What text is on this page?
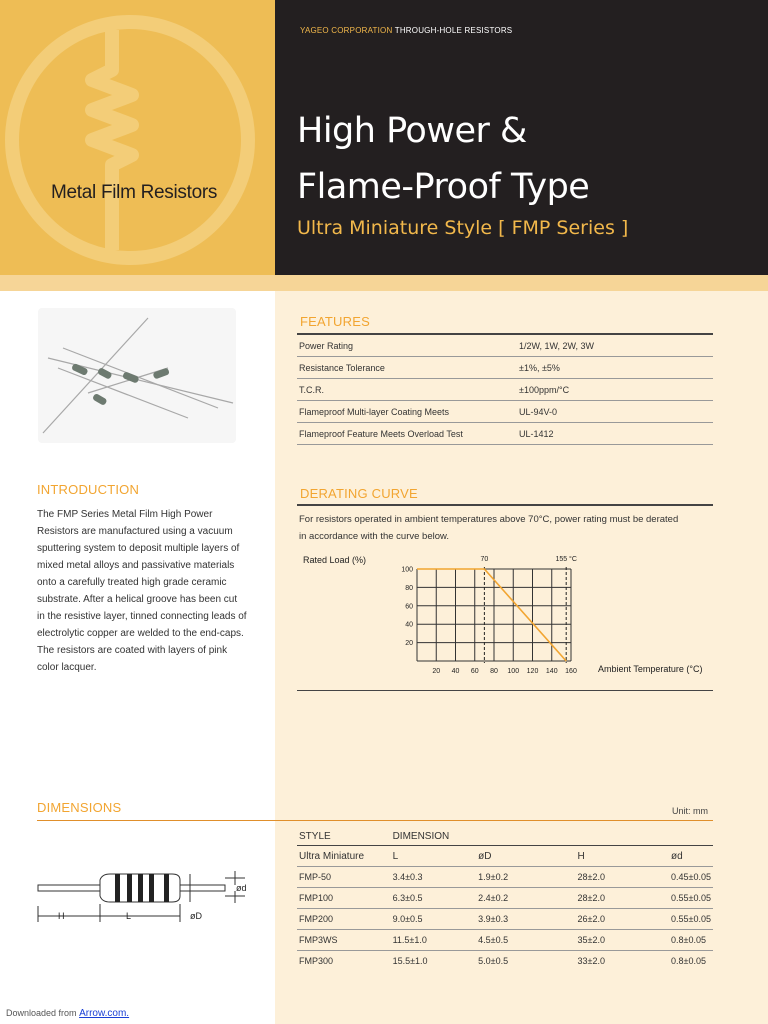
Metal Film Resistors
YAGEO CORPORATION THROUGH-HOLE RESISTORS
High Power &
Flame-Proof Type
Ultra Miniature Style [ FMP Series ]
FEATURES
Power Rating	1/2W, 1W, 2W, 3W
Resistance Tolerance	±1%, ±5%
T.C.R.	±100ppm/°C
Flameproof Multi-layer Coating Meets	UL-94V-0
Flameproof Feature Meets Overload Test	UL-1412
INTRODUCTION
The FMP Series Metal Film High Power
Resistors are manufactured using a vacuum
sputtering system to deposit multiple layers of
mixed metal alloys and passivative materials
onto a carefully treated high grade ceramic
substrate. After a helical groove has been cut
in the resistive layer, tinned connecting leads of
electrolytic copper are welded to the end-caps.
The resistors are coated with layers of pink
color lacquer.
DERATING CURVE
For resistors operated in ambient temperatures above 70°C, power rating must be derated
in accordance with the curve below.
Rated Load (%)
Ambient Temperature (°C)
100
80
60
40
20
20 40 60 80 100 120 140 160
70	155 °C
DIMENSIONS	Unit: mm
STYLE	DIMENSION			
Ultra Miniature	L	øD	H	ød
FMP-50	3.4±0.3	1.9±0.2	28±2.0	0.45±0.05
FMP100	6.3±0.5	2.4±0.2	28±2.0	0.55±0.05
FMP200	9.0±0.5	3.9±0.3	26±2.0	0.55±0.05
FMP3WS	11.5±1.0	4.5±0.5	35±2.0	0.8±0.05
FMP300	15.5±1.0	5.0±0.5	33±2.0	0.8±0.05
H	L	øD
ød
Downloaded from Arrow.com.
